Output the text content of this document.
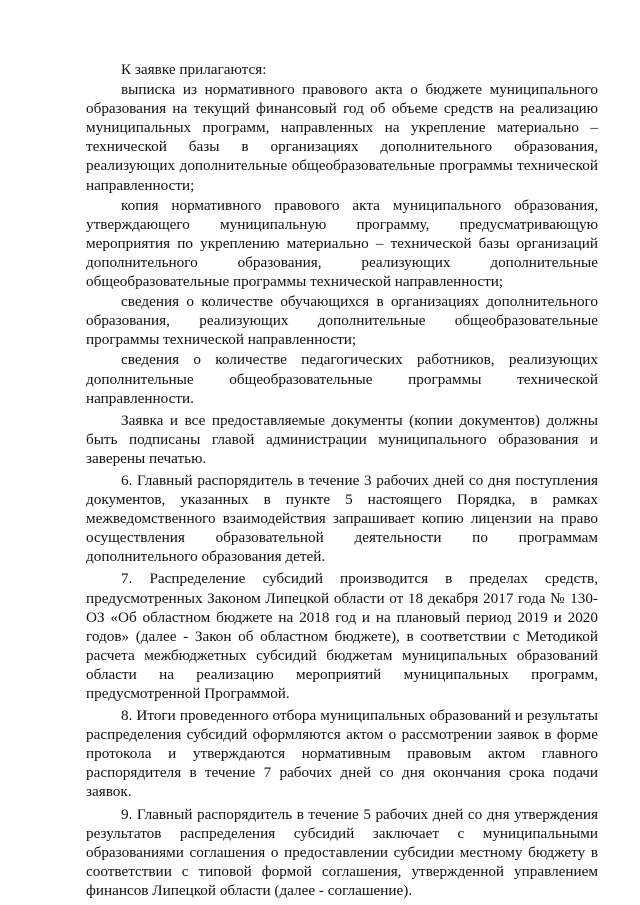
К заявке прилагаются:

выписка из нормативного правового акта о бюджете муниципального образования на текущий финансовый год об объеме средств на реализацию муниципальных программ, направленных на укрепление материально – технической базы в организациях дополнительного образования, реализующих дополнительные общеобразовательные программы технической направленности;

копия нормативного правового акта муниципального образования, утверждающего муниципальную программу, предусматривающую мероприятия по укреплению материально – технической базы организаций дополнительного образования, реализующих дополнительные общеобразовательные программы технической направленности;

сведения о количестве обучающихся в организациях дополнительного образования, реализующих дополнительные общеобразовательные программы технической направленности;

сведения о количестве педагогических работников, реализующих дополнительные общеобразовательные программы технической направленности.

Заявка и все предоставляемые документы (копии документов) должны быть подписаны главой администрации муниципального образования и заверены печатью.

6. Главный распорядитель в течение 3 рабочих дней со дня поступления документов, указанных в пункте 5 настоящего Порядка, в рамках межведомственного взаимодействия запрашивает копию лицензии на право осуществления образовательной деятельности по программам дополнительного образования детей.

7. Распределение субсидий производится в пределах средств, предусмотренных Законом Липецкой области от 18 декабря 2017 года № 130-ОЗ «Об областном бюджете на 2018 год и на плановый период 2019 и 2020 годов» (далее - Закон об областном бюджете), в соответствии с Методикой расчета межбюджетных субсидий бюджетам муниципальных образований области на реализацию мероприятий муниципальных программ, предусмотренной Программой.

8. Итоги проведенного отбора муниципальных образований и результаты распределения субсидий оформляются актом о рассмотрении заявок в форме протокола и утверждаются нормативным правовым актом главного распорядителя в течение 7 рабочих дней со дня окончания срока подачи заявок.

9. Главный распорядитель в течение 5 рабочих дней со дня утверждения результатов распределения субсидий заключает с муниципальными образованиями соглашения о предоставлении субсидии местному бюджету в соответствии с типовой формой соглашения, утвержденной управлением финансов Липецкой области (далее - соглашение).
